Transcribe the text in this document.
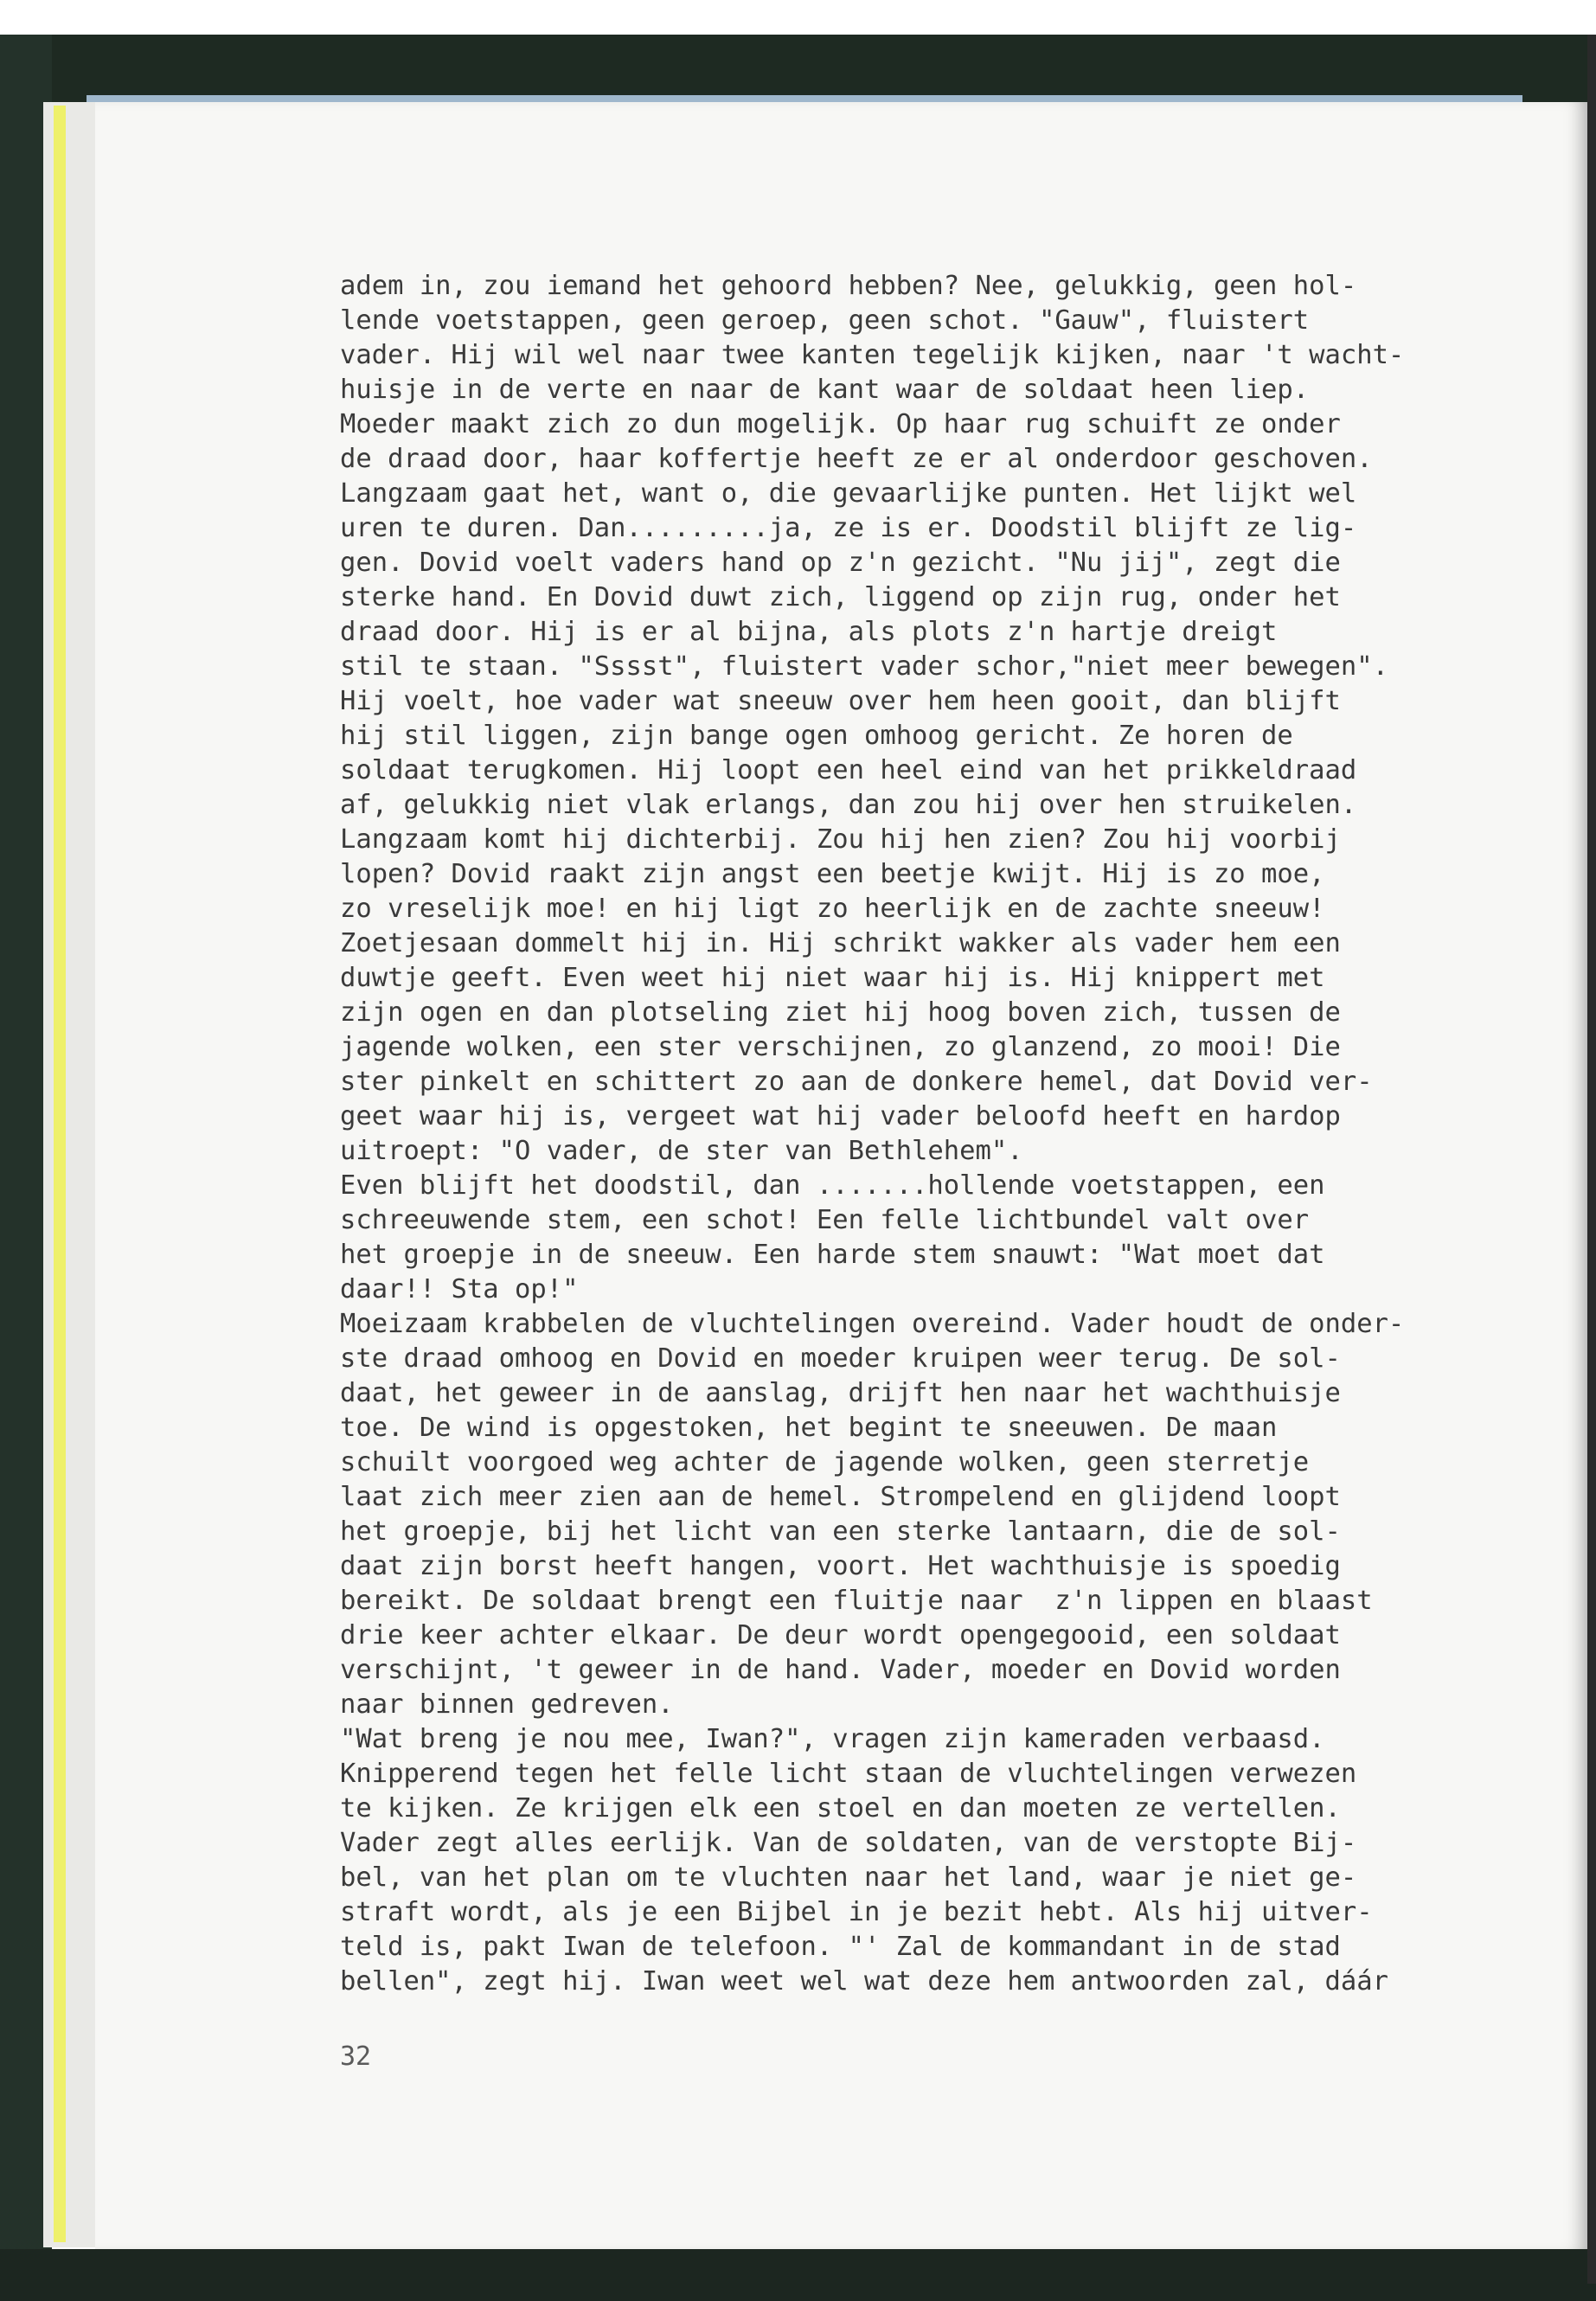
adem in, zou iemand het gehoord hebben? Nee, gelukkig, geen hol-
lende voetstappen, geen geroep, geen schot. "Gauw", fluistert
vader. Hij wil wel naar twee kanten tegelijk kijken, naar 't wacht-
huisje in de verte en naar de kant waar de soldaat heen liep.
Moeder maakt zich zo dun mogelijk. Op haar rug schuift ze onder
de draad door, haar koffertje heeft ze er al onderdoor geschoven.
Langzaam gaat het, want o, die gevaarlijke punten. Het lijkt wel
uren te duren. Dan.........ja, ze is er. Doodstil blijft ze lig-
gen. Dovid voelt vaders hand op z'n gezicht. "Nu jij", zegt die
sterke hand. En Dovid duwt zich, liggend op zijn rug, onder het
draad door. Hij is er al bijna, als plots z'n hartje dreigt
stil te staan. "Sssst", fluistert vader schor,"niet meer bewegen".
Hij voelt, hoe vader wat sneeuw over hem heen gooit, dan blijft
hij stil liggen, zijn bange ogen omhoog gericht. Ze horen de
soldaat terugkomen. Hij loopt een heel eind van het prikkeldraad
af, gelukkig niet vlak erlangs, dan zou hij over hen struikelen.
Langzaam komt hij dichterbij. Zou hij hen zien? Zou hij voorbij
lopen? Dovid raakt zijn angst een beetje kwijt. Hij is zo moe,
zo vreselijk moe! en hij ligt zo heerlijk en de zachte sneeuw!
Zoetjesaan dommelt hij in. Hij schrikt wakker als vader hem een
duwtje geeft. Even weet hij niet waar hij is. Hij knippert met
zijn ogen en dan plotseling ziet hij hoog boven zich, tussen de
jagende wolken, een ster verschijnen, zo glanzend, zo mooi! Die
ster pinkelt en schittert zo aan de donkere hemel, dat Dovid ver-
geet waar hij is, vergeet wat hij vader beloofd heeft en hardop
uitroept: "O vader, de ster van Bethlehem".
Even blijft het doodstil, dan .......hollende voetstappen, een
schreeuwende stem, een schot! Een felle lichtbundel valt over
het groepje in de sneeuw. Een harde stem snauwt: "Wat moet dat
daar!! Sta op!"
Moeizaam krabbelen de vluchtelingen overeind. Vader houdt de onder-
ste draad omhoog en Dovid en moeder kruipen weer terug. De sol-
daat, het geweer in de aanslag, drijft hen naar het wachthuisje
toe. De wind is opgestoken, het begint te sneeuwen. De maan
schuilt voorgoed weg achter de jagende wolken, geen sterretje
laat zich meer zien aan de hemel. Strompelend en glijdend loopt
het groepje, bij het licht van een sterke lantaarn, die de sol-
daat zijn borst heeft hangen, voort. Het wachthuisje is spoedig
bereikt. De soldaat brengt een fluitje naar  z'n lippen en blaast
drie keer achter elkaar. De deur wordt opengegooid, een soldaat
verschijnt, 't geweer in de hand. Vader, moeder en Dovid worden
naar binnen gedreven.
"Wat breng je nou mee, Iwan?", vragen zijn kameraden verbaasd.
Knipperend tegen het felle licht staan de vluchtelingen verwezen
te kijken. Ze krijgen elk een stoel en dan moeten ze vertellen.
Vader zegt alles eerlijk. Van de soldaten, van de verstopte Bij-
bel, van het plan om te vluchten naar het land, waar je niet ge-
straft wordt, als je een Bijbel in je bezit hebt. Als hij uitver-
teld is, pakt Iwan de telefoon. "' Zal de kommandant in de stad
bellen", zegt hij. Iwan weet wel wat deze hem antwoorden zal, dáár
32
